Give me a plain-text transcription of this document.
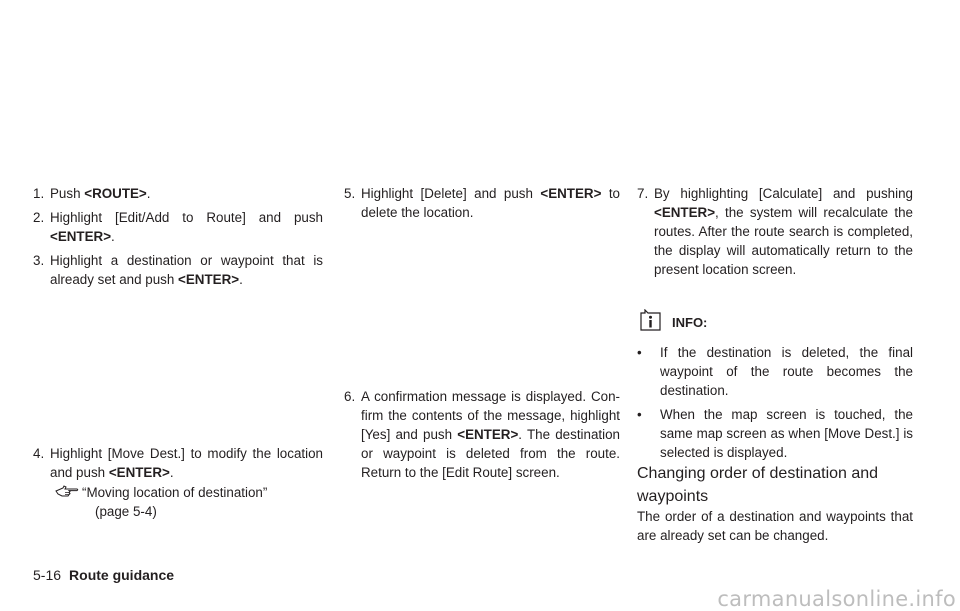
1. Push <ROUTE>.
2. Highlight [Edit/Add to Route] and push <ENTER>.
3. Highlight a destination or waypoint that is already set and push <ENTER>.
4. Highlight [Move Dest.] to modify the location and push <ENTER>.
“Moving location of destination”
(page 5-4)
5. Highlight [Delete] and push <ENTER> to delete the location.
6. A confirmation message is displayed. Confirm the contents of the message, highlight [Yes] and push <ENTER>. The destination or waypoint is deleted from the route. Return to the [Edit Route] screen.
7. By highlighting [Calculate] and pushing <ENTER>, the system will recalculate the routes. After the route search is completed, the display will automatically return to the present location screen.
INFO:
• If the destination is deleted, the final waypoint of the route becomes the destination.
• When the map screen is touched, the same map screen as when [Move Dest.] is selected is displayed.
Changing order of destination and waypoints
The order of a destination and waypoints that are already set can be changed.
5-16 Route guidance
carmanualsonline.info
